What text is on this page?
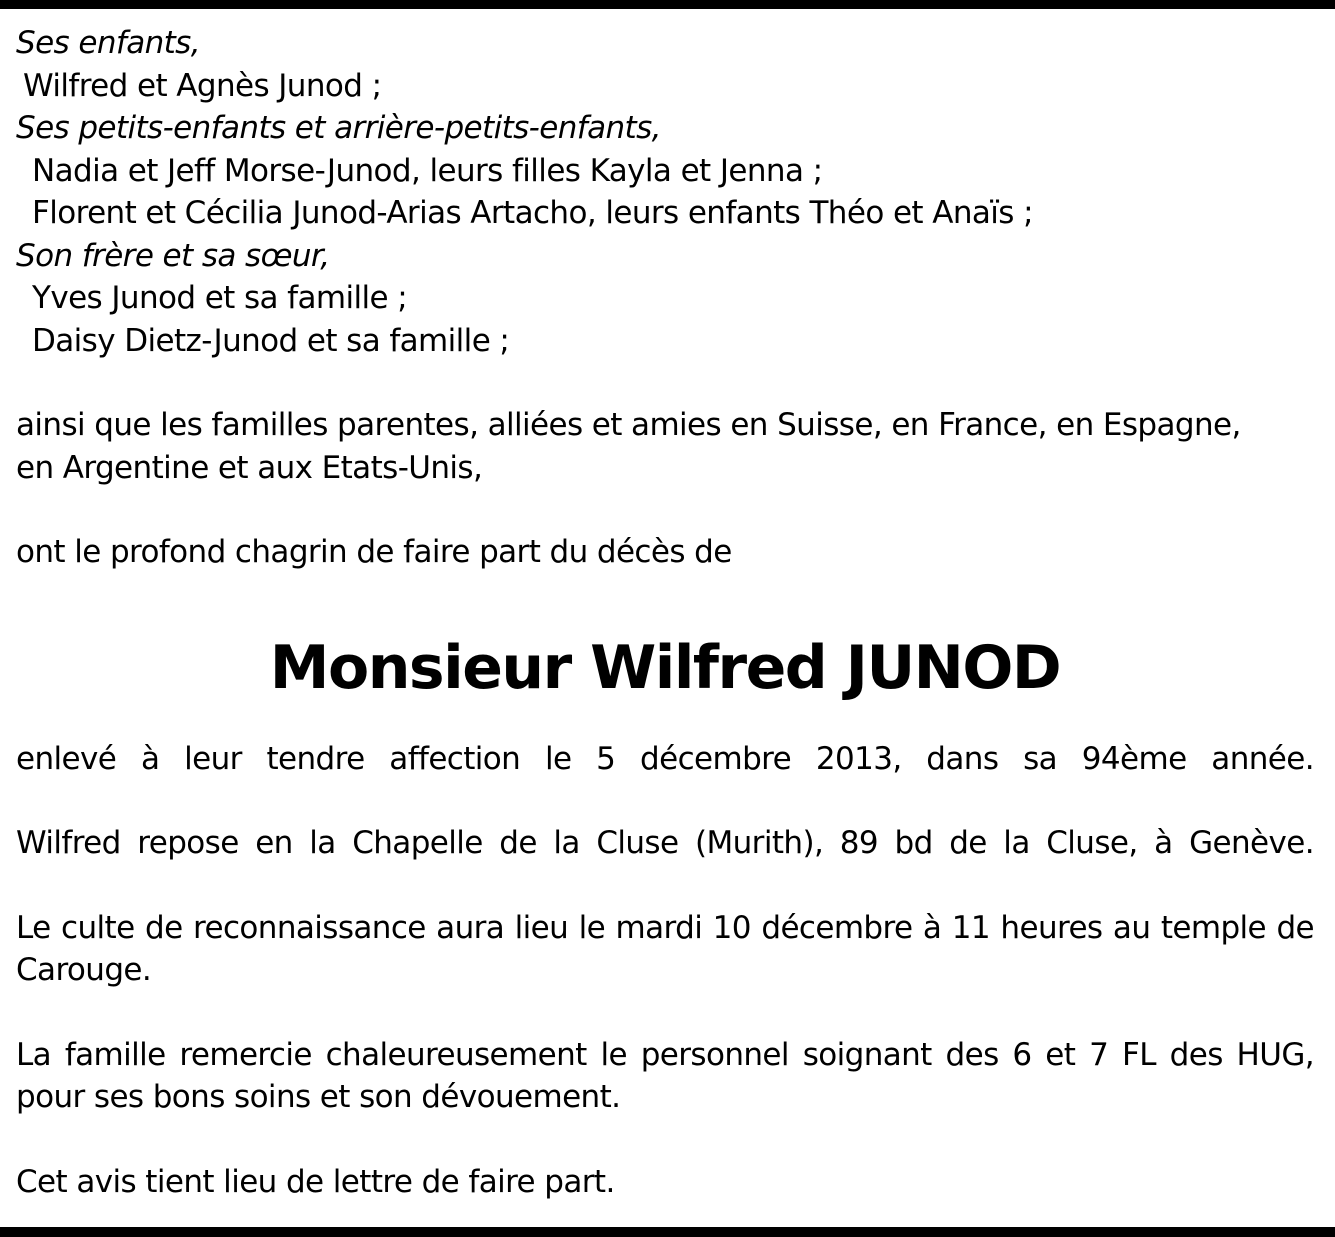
Ses enfants,
Wilfred et Agnès Junod ;
Ses petits-enfants et arrière-petits-enfants,
Nadia et Jeff Morse-Junod, leurs filles Kayla et Jenna ;
Florent et Cécilia Junod-Arias Artacho, leurs enfants Théo et Anaïs ;
Son frère et sa sœur,
Yves Junod et sa famille ;
Daisy Dietz-Junod et sa famille ;
ainsi que les familles parentes, alliées et amies en Suisse, en France, en Espagne,
en Argentine et aux Etats-Unis,
ont le profond chagrin de faire part du décès de
Monsieur Wilfred JUNOD
enlevé à leur tendre affection le 5 décembre 2013, dans sa 94ème année.
Wilfred repose en la Chapelle de la Cluse (Murith), 89 bd de la Cluse, à Genève.
Le culte de reconnaissance aura lieu le mardi 10 décembre à 11 heures au temple de
Carouge.
La famille remercie chaleureusement le personnel soignant des 6 et 7 FL des HUG,
pour ses bons soins et son dévouement.
Cet avis tient lieu de lettre de faire part.
